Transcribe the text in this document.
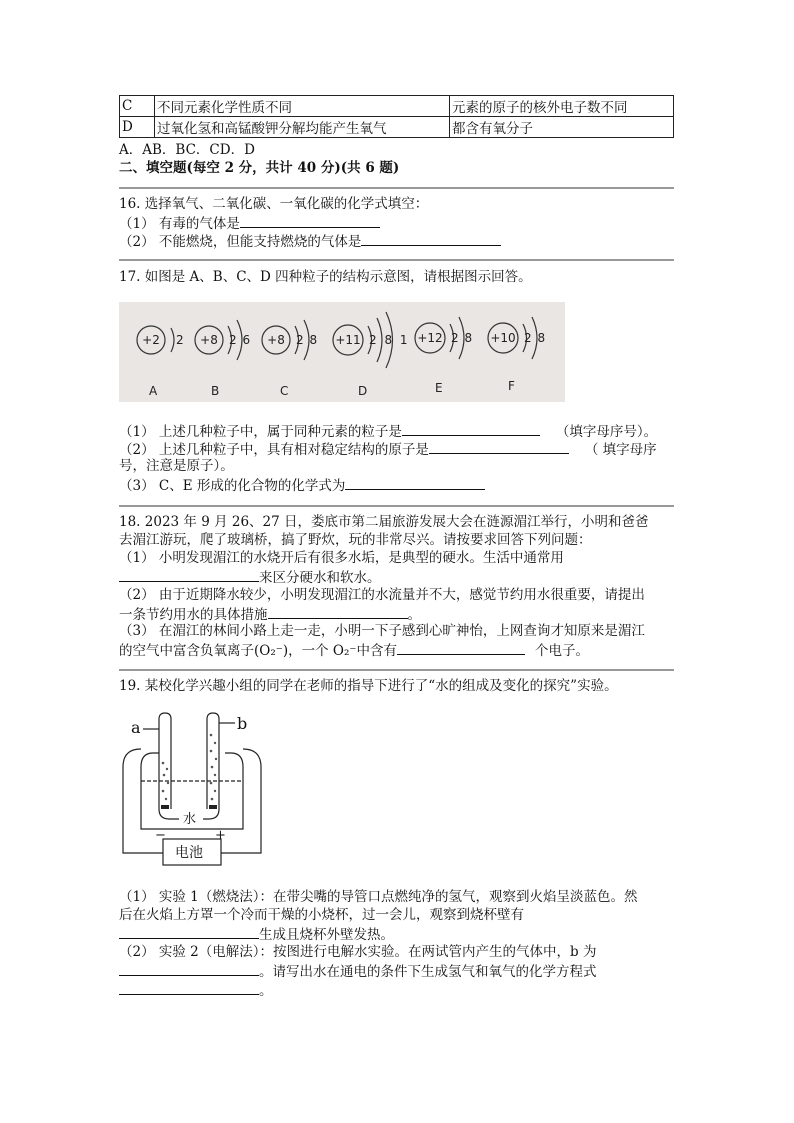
C	不同元素化学性质不同	元素的原子的核外电子数不同
D	过氧化氢和高锰酸钾分解均能产生氧气	都含有氧分子
A．AB．BC．CD．D
二、填空题(每空 2 分，共计 40 分)(共 6 题)
16. 选择氧气、二氧化碳、一氧化碳的化学式填空：
（1） 有毒的气体是
（2） 不能燃烧，但能支持燃烧的气体是
17. 如图是 A、B、C、D 四种粒子的结构示意图，请根据图示回答。
+2 2 +8 2 6 +8 2 8 +11 2 8 1 +12 2 8 +10 2 8
A	B	C	D	E	F
（1） 上述几种粒子中，属于同种元素的粒子是	（填字母序号）。
（2） 上述几种粒子中，具有相对稳定结构的原子是	（ 填字母序
号，注意是原子）。
（3） C、E 形成的化合物的化学式为
18. 2023 年 9 月 26、27 日，娄底市第二届旅游发展大会在涟源湄江举行，小明和爸爸
去湄江游玩，爬了玻璃桥，搞了野炊，玩的非常尽兴。请按要求回答下列问题：
（1） 小明发现湄江的水烧开后有很多水垢，是典型的硬水。生活中通常用
来区分硬水和软水。
（2） 由于近期降水较少，小明发现湄江的水流量并不大，感觉节约用水很重要，请提出
一条节约用水的具体措施	。
（3） 在湄江的林间小路上走一走，小明一下子感到心旷神怡，上网查询才知原来是湄江
的空气中富含负氧离子(O₂⁻)，一个 O₂⁻中含有	个电子。
19. 某校化学兴趣小组的同学在老师的指导下进行了“水的组成及变化的探究”实验。
a	b
水
−	+
电池
（1） 实验 1（燃烧法）：在带尖嘴的导管口点燃纯净的氢气，观察到火焰呈淡蓝色。然
后在火焰上方罩一个冷而干燥的小烧杯，过一会儿，观察到烧杯壁有
生成且烧杯外壁发热。
（2） 实验 2（电解法）：按图进行电解水实验。在两试管内产生的气体中，b 为
。请写出水在通电的条件下生成氢气和氧气的化学方程式
。
